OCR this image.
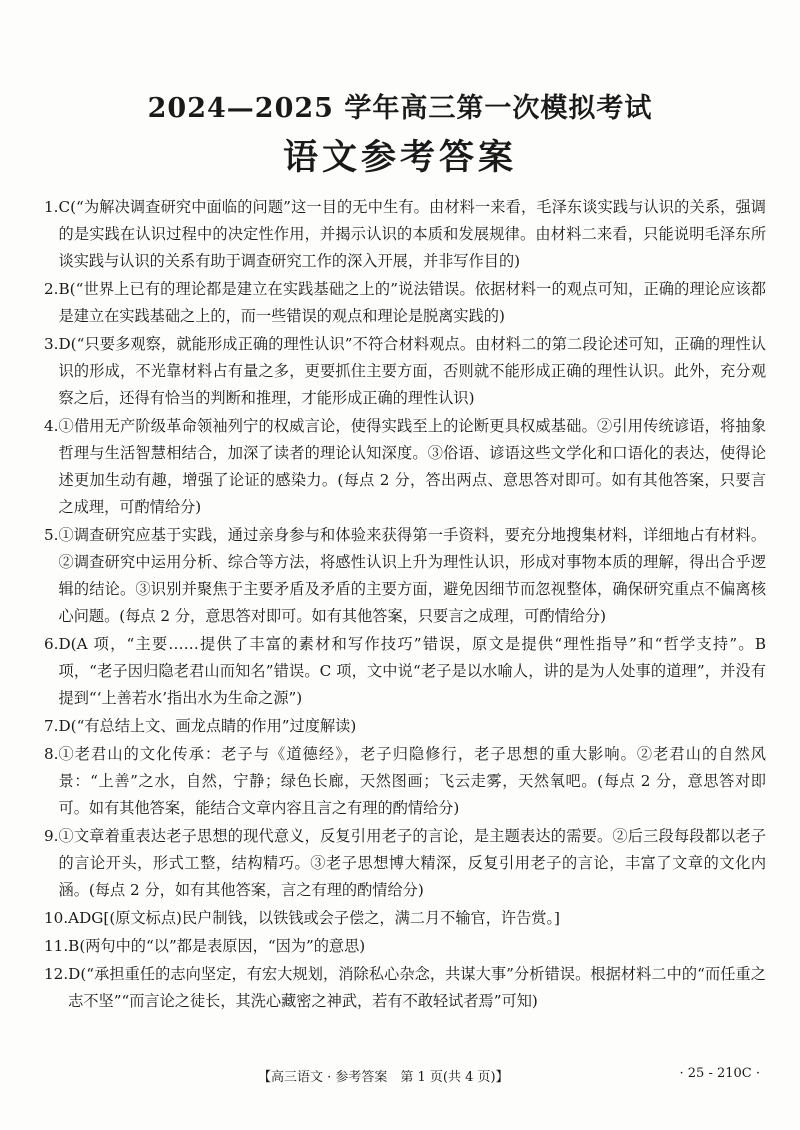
2024—2025 学年高三第一次模拟考试
语文参考答案
1. C(“为解决调查研究中面临的问题”这一目的无中生有。由材料一来看，毛泽东谈实践与认识的关系，强调的是实践在认识过程中的决定性作用，并揭示认识的本质和发展规律。由材料二来看，只能说明毛泽东所谈实践与认识的关系有助于调查研究工作的深入开展，并非写作目的)
2. B(“世界上已有的理论都是建立在实践基础之上的”说法错误。依据材料一的观点可知，正确的理论应该都是建立在实践基础之上的，而一些错误的观点和理论是脱离实践的)
3. D(“只要多观察，就能形成正确的理性认识”不符合材料观点。由材料二的第二段论述可知，正确的理性认识的形成，不光靠材料占有量之多，更要抓住主要方面，否则就不能形成正确的理性认识。此外，充分观察之后，还得有恰当的判断和推理，才能形成正确的理性认识)
4. ①借用无产阶级革命领袖列宁的权威言论，使得实践至上的论断更具权威基础。②引用传统谚语，将抽象哲理与生活智慧相结合，加深了读者的理论认知深度。③俗语、谚语这些文学化和口语化的表达，使得论述更加生动有趣，增强了论证的感染力。(每点 2 分，答出两点、意思答对即可。如有其他答案，只要言之成理，可酌情给分)
5. ①调查研究应基于实践，通过亲身参与和体验来获得第一手资料，要充分地搜集材料，详细地占有材料。②调查研究中运用分析、综合等方法，将感性认识上升为理性认识，形成对事物本质的理解，得出合乎逻辑的结论。③识别并聚焦于主要矛盾及矛盾的主要方面，避免因细节而忽视整体，确保研究重点不偏离核心问题。(每点 2 分，意思答对即可。如有其他答案，只要言之成理，可酌情给分)
6. D(A 项，“主要……提供了丰富的素材和写作技巧”错误，原文是提供“理性指导”和“哲学支持”。B 项，“老子因归隐老君山而知名”错误。C 项，文中说“老子是以水喻人，讲的是为人处事的道理”，并没有提到“‘上善若水’指出水为生命之源”)
7. D(“有总结上文、画龙点睛的作用”过度解读)
8. ①老君山的文化传承：老子与《道德经》，老子归隐修行，老子思想的重大影响。②老君山的自然风景：“上善”之水，自然，宁静；绿色长廊，天然图画；飞云走雾，天然氧吧。(每点 2 分，意思答对即可。如有其他答案，能结合文章内容且言之有理的酌情给分)
9. ①文章着重表达老子思想的现代意义，反复引用老子的言论，是主题表达的需要。②后三段每段都以老子的言论开头，形式工整，结构精巧。③老子思想博大精深，反复引用老子的言论，丰富了文章的文化内涵。(每点 2 分，如有其他答案，言之有理的酌情给分)
10. ADG[(原文标点)民户制钱，以铁钱或会子偿之，满二月不输官，许告赏。]
11. B(两句中的“以”都是表原因，“因为”的意思)
12. D(“承担重任的志向坚定，有宏大规划，消除私心杂念，共谋大事”分析错误。根据材料二中的“而任重之志不坚”“而言论之徒长，其洗心藏密之神武，若有不敢轻试者焉”可知)
【高三语文 · 参考答案　第 1 页(共 4 页)】	· 25 - 210C ·
